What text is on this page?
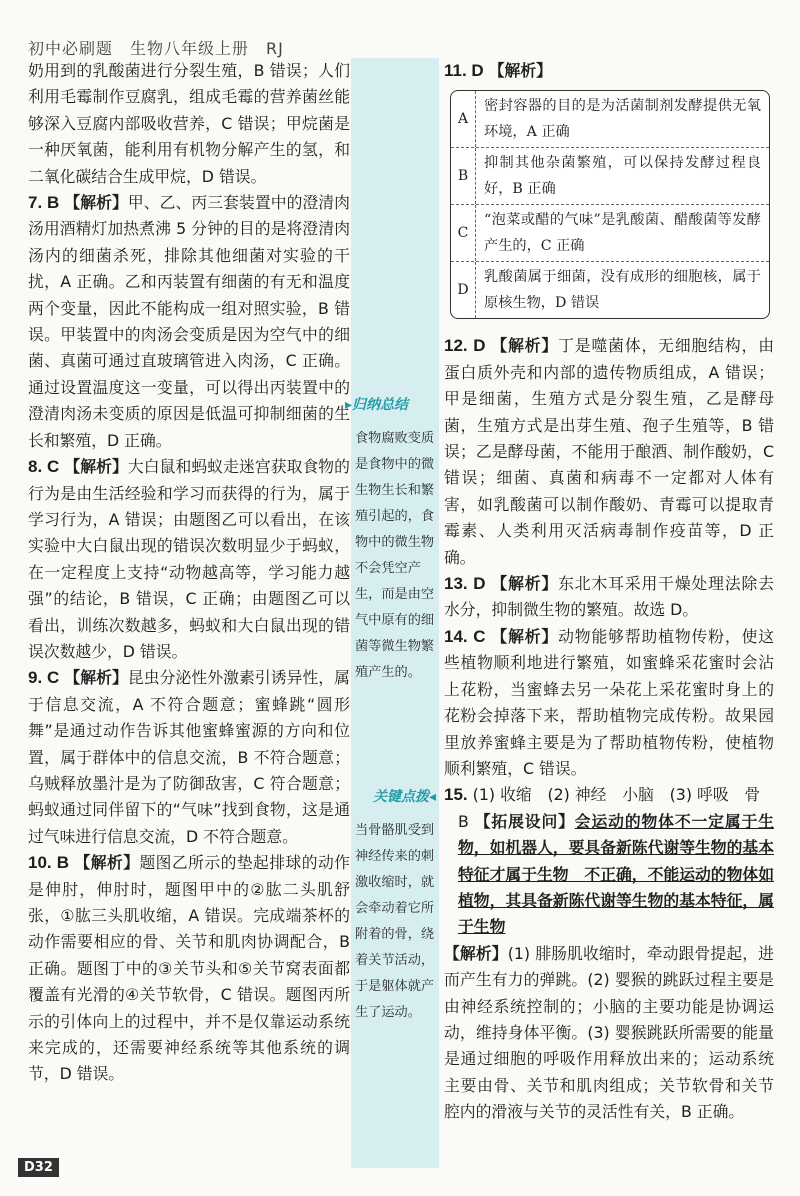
初中必刷题　生物八年级上册　RJ

奶用到的乳酸菌进行分裂生殖，B 错误；人们利用毛霉制作豆腐乳，组成毛霉的营养菌丝能够深入豆腐内部吸收营养，C 错误；甲烷菌是一种厌氧菌，能利用有机物分解产生的氢，和二氧化碳结合生成甲烷，D 错误。

7. B 【解析】甲、乙、丙三套装置中的澄清肉汤用酒精灯加热煮沸 5 分钟的目的是将澄清肉汤内的细菌杀死，排除其他细菌对实验的干扰，A 正确。乙和丙装置有细菌的有无和温度两个变量，因此不能构成一组对照实验，B 错误。甲装置中的肉汤会变质是因为空气中的细菌、真菌可通过直玻璃管进入肉汤，C 正确。通过设置温度这一变量，可以得出丙装置中的澄清肉汤未变质的原因是低温可抑制细菌的生长和繁殖，D 正确。

8. C 【解析】大白鼠和蚂蚁走迷宫获取食物的行为是由生活经验和学习而获得的行为，属于学习行为，A 错误；由题图乙可以看出，在该实验中大白鼠出现的错误次数明显少于蚂蚁，在一定程度上支持“动物越高等，学习能力越强”的结论，B 错误，C 正确；由题图乙可以看出，训练次数越多，蚂蚁和大白鼠出现的错误次数越少，D 错误。

9. C 【解析】昆虫分泌性外激素引诱异性，属于信息交流，A 不符合题意；蜜蜂跳“圆形舞”是通过动作告诉其他蜜蜂蜜源的方向和位置，属于群体中的信息交流，B 不符合题意；乌贼释放墨汁是为了防御敌害，C 符合题意；蚂蚁通过同伴留下的“气味”找到食物，这是通过气味进行信息交流，D 不符合题意。

10. B 【解析】题图乙所示的垫起排球的动作是伸肘，伸肘时，题图甲中的②肱二头肌舒张，①肱三头肌收缩，A 错误。完成端茶杯的动作需要相应的骨、关节和肌肉协调配合，B 正确。题图丁中的③关节头和⑤关节窝表面都覆盖有光滑的④关节软骨，C 错误。题图丙所示的引体向上的过程中，并不是仅靠运动系统来完成的，还需要神经系统等其他系统的调节，D 错误。

▸归纳总结
食物腐败变质是食物中的微生物生长和繁殖引起的，食物中的微生物不会凭空产生，而是由空气中原有的细菌等微生物繁殖产生的。
关键点拨◂
当骨骼肌受到神经传来的刺激收缩时，就会牵动着它所附着的骨，绕着关节活动，于是躯体就产生了运动。

11. D 【解析】

A
密封容器的目的是为活菌制剂发酵提供无氧环境，A 正确
B
抑制其他杂菌繁殖，可以保持发酵过程良好，B 正确
C
“泡菜或醋的气味”是乳酸菌、醋酸菌等发酵产生的，C 正确
D
乳酸菌属于细菌，没有成形的细胞核，属于原核生物，D 错误

12. D 【解析】丁是噬菌体，无细胞结构，由蛋白质外壳和内部的遗传物质组成，A 错误；甲是细菌，生殖方式是分裂生殖，乙是酵母菌，生殖方式是出芽生殖、孢子生殖等，B 错误；乙是酵母菌，不能用于酿酒、制作酸奶，C 错误；细菌、真菌和病毒不一定都对人体有害，如乳酸菌可以制作酸奶、青霉可以提取青霉素、人类利用灭活病毒制作疫苗等，D 正确。

13. D 【解析】东北木耳采用干燥处理法除去水分，抑制微生物的繁殖。故选 D。

14. C 【解析】动物能够帮助植物传粉，使这些植物顺利地进行繁殖，如蜜蜂采花蜜时会沾上花粉，当蜜蜂去另一朵花上采花蜜时身上的花粉会掉落下来，帮助植物完成传粉。故果园里放养蜜蜂主要是为了帮助植物传粉，使植物顺利繁殖，C 错误。

15. (1) 收缩　(2) 神经　小脑　(3) 呼吸　骨

B 【拓展设问】会运动的物体不一定属于生物，如机器人，要具备新陈代谢等生物的基本特征才属于生物　不正确，不能运动的物体如植物，其具备新陈代谢等生物的基本特征，属于生物

【解析】(1) 腓肠肌收缩时，牵动跟骨提起，进而产生有力的弹跳。(2) 婴猴的跳跃过程主要是由神经系统控制的；小脑的主要功能是协调运动，维持身体平衡。(3) 婴猴跳跃所需要的能量是通过细胞的呼吸作用释放出来的；运动系统主要由骨、关节和肌肉组成；关节软骨和关节腔内的滑液与关节的灵活性有关，B 正确。

D32
